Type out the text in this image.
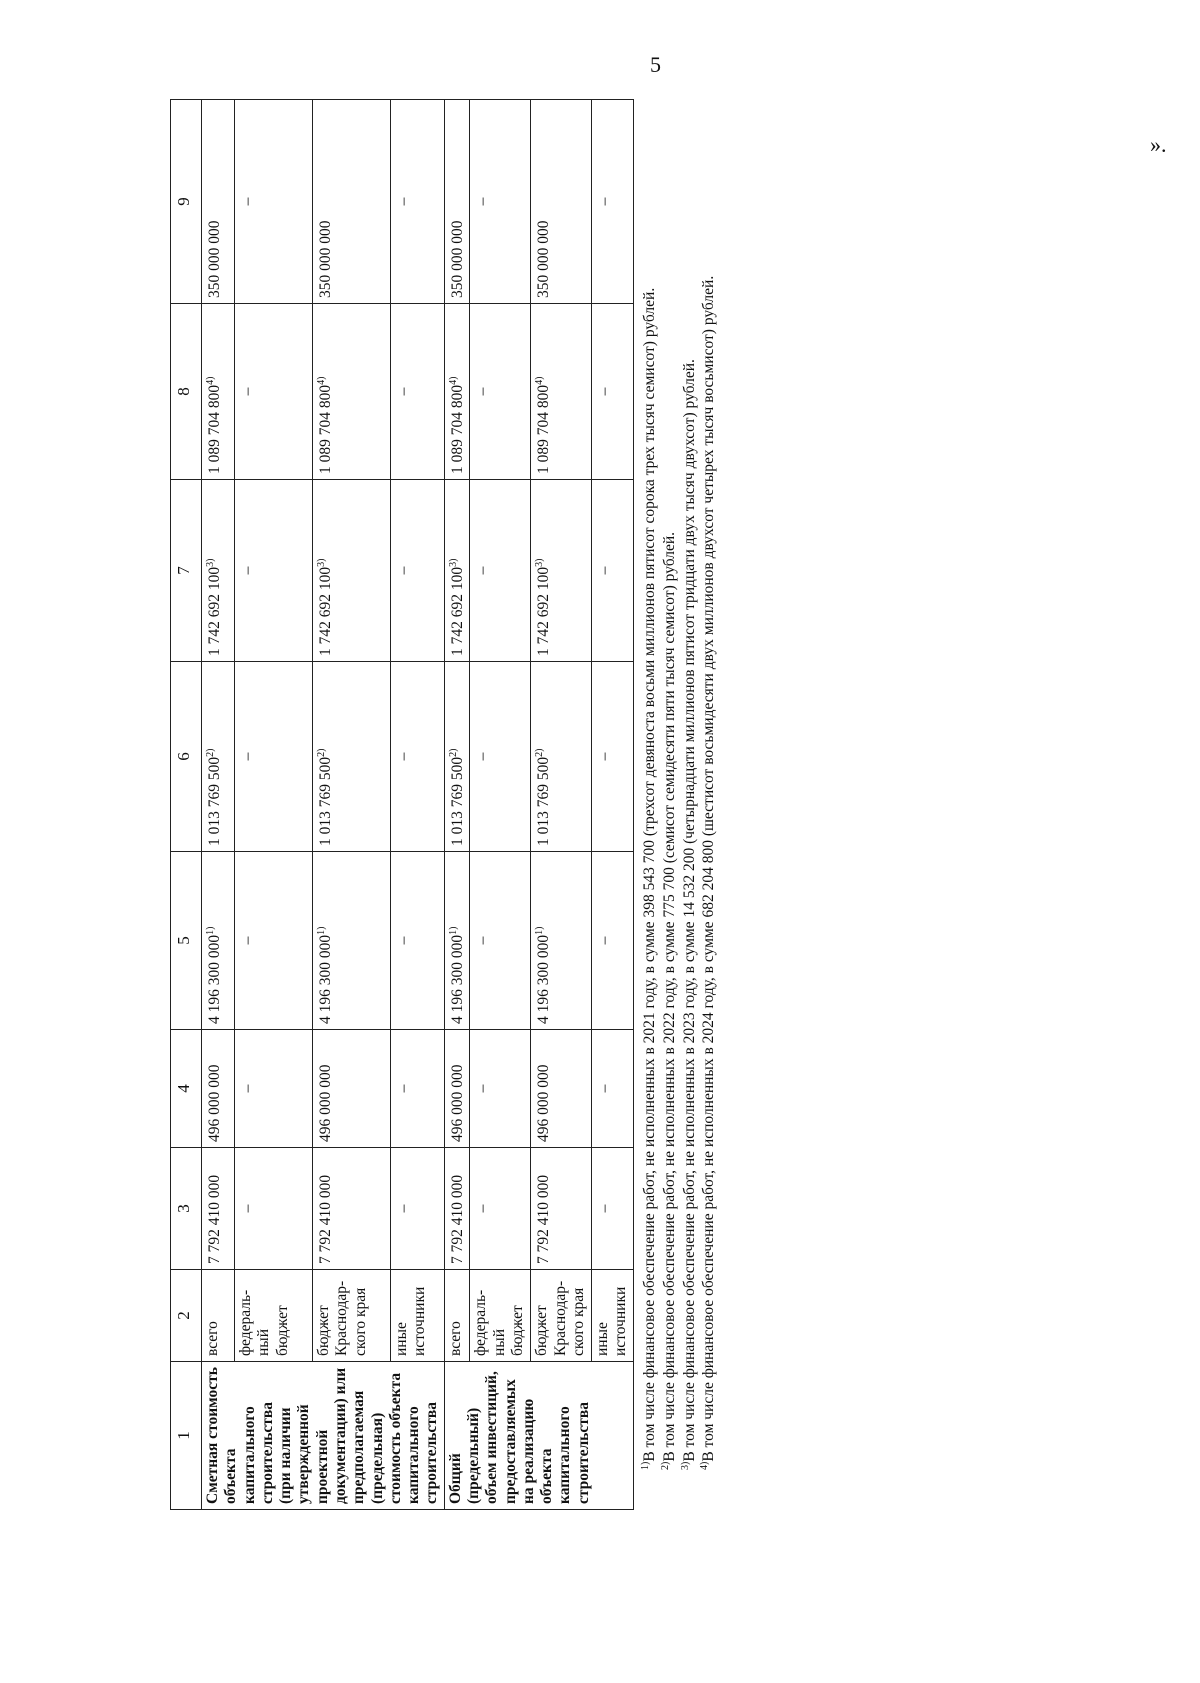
5
1	2	3	4	5	6	7	8	9
Сметная стоимость объекта капитального строительства (при наличии утвержденной проектной документации) или предполагаемая (предельная) стоимость объекта капитального строительства	всего	7 792 410 000	496 000 000	4 196 300 000$^{1)}$	1 013 769 500$^{2)}$	1 742 692 100$^{3)}$	1 089 704 800$^{4)}$	350 000 000
	федераль-ный бюджет	–	–	–	–	–	–	–
	бюджет Краснодар-ского края	7 792 410 000	496 000 000	4 196 300 000$^{1)}$	1 013 769 500$^{2)}$	1 742 692 100$^{3)}$	1 089 704 800$^{4)}$	350 000 000
	иные источники	–	–	–	–	–	–	–
Общий (предельный) объем инвестиций, предоставляемых на реализацию объекта капитального строительства	всего	7 792 410 000	496 000 000	4 196 300 000$^{1)}$	1 013 769 500$^{2)}$	1 742 692 100$^{3)}$	1 089 704 800$^{4)}$	350 000 000
	федераль-ный бюджет	–	–	–	–	–	–	–
	бюджет Краснодар-ского края	7 792 410 000	496 000 000	4 196 300 000$^{1)}$	1 013 769 500$^{2)}$	1 742 692 100$^{3)}$	1 089 704 800$^{4)}$	350 000 000
	иные источники	–	–	–	–	–	–	–

$^{1)}$В том числе финансовое обеспечение работ, не исполненных в 2021 году, в сумме 398 543 700 (трехсот девяноста восьми миллионов пятисот сорока трех тысяч семисот) рублей.

$^{2)}$В том числе финансовое обеспечение работ, не исполненных в 2022 году, в сумме 775 700 (семисот семидесяти пяти тысяч семисот) рублей.

$^{3)}$В том числе финансовое обеспечение работ, не исполненных в 2023 году, в сумме 14 532 200 (четырнадцати миллионов пятисот тридцати двух тысяч двухсот) рублей.

$^{4)}$В том числе финансовое обеспечение работ, не исполненных в 2024 году, в сумме 682 204 800 (шестисот восьмидесяти двух миллионов двухсот четырех тысяч восьмисот) рублей.

».
